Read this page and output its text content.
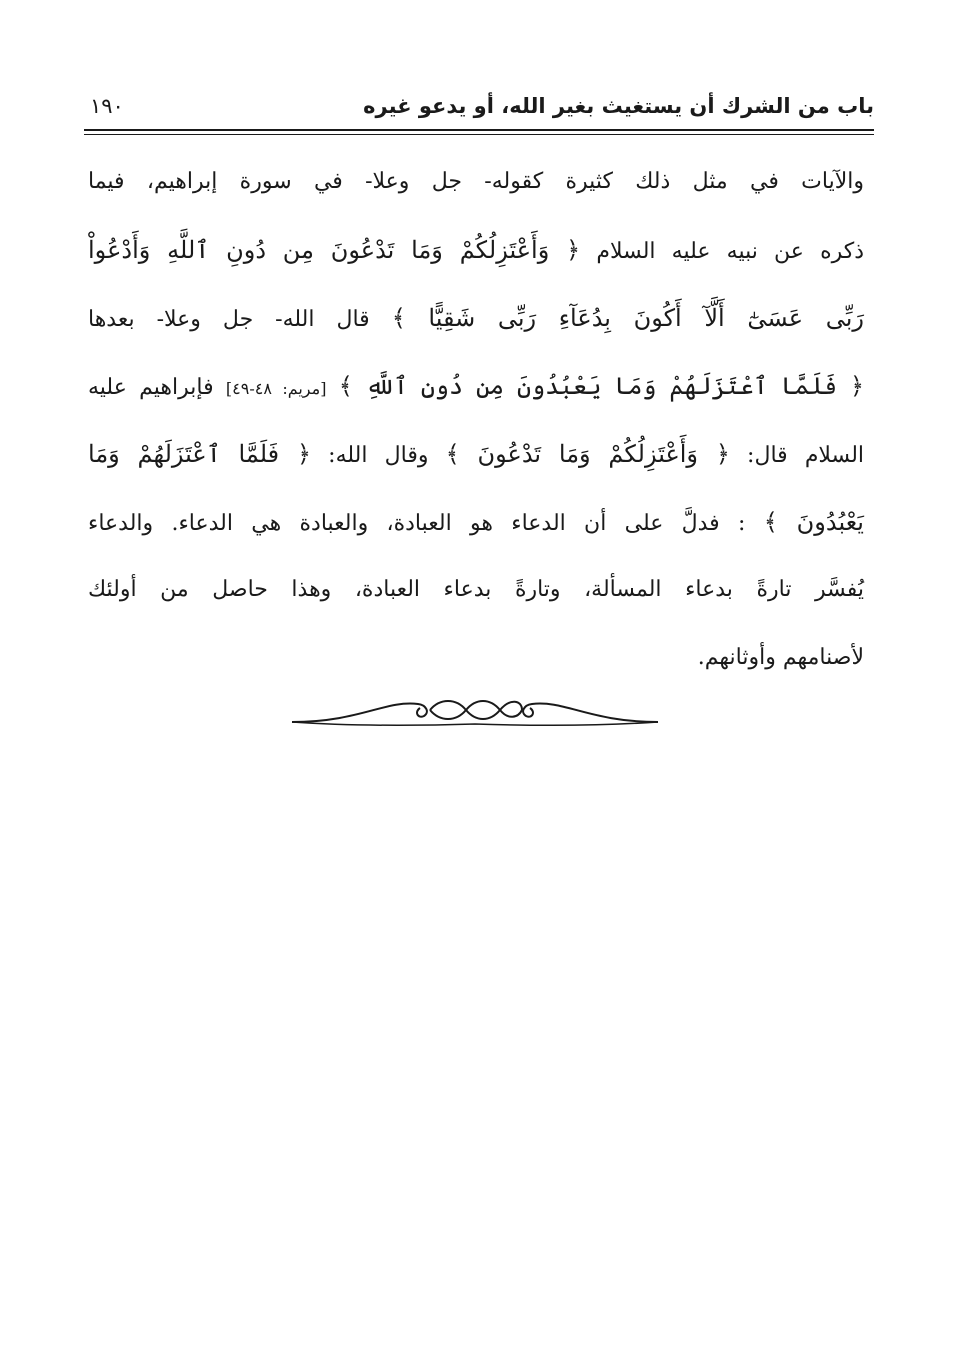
باب من الشرك أن يستغيث بغير الله، أو يدعو غيره
١٩٠
والآيات في مثل ذلك كثيرة كقوله- جل وعلا- في سورة إبراهيم، فيما
ذكره عن نبيه عليه السلام ﴿ وَأَعْتَزِلُكُمْ وَمَا تَدْعُونَ مِن دُونِ ٱللَّهِ وَأَدْعُواْ
رَبِّى عَسَىٰٓ أَلَّآ أَكُونَ بِدُعَآءِ رَبِّى شَقِيًّا ﴾ قال الله- جل وعلا- بعدها
﴿ فَلَمَّا ٱعْتَزَلَهُمْ وَمَا يَعْبُدُونَ مِن دُونِ ٱللَّهِ ﴾ [مريم: ٤٨-٤٩] فإبراهيم عليه
السلام قال: ﴿ وَأَعْتَزِلُكُمْ وَمَا تَدْعُونَ ﴾ وقال الله: ﴿ فَلَمَّا ٱعْتَزَلَهُمْ وَمَا
يَعْبُدُونَ ﴾ : فدلَّ على أن الدعاء هو العبادة، والعبادة هي الدعاء. والدعاء
يُفسَّر تارةً بدعاء المسألة، وتارةً بدعاء العبادة، وهذا حاصل من أولئك
لأصنامهم وأوثانهم.
